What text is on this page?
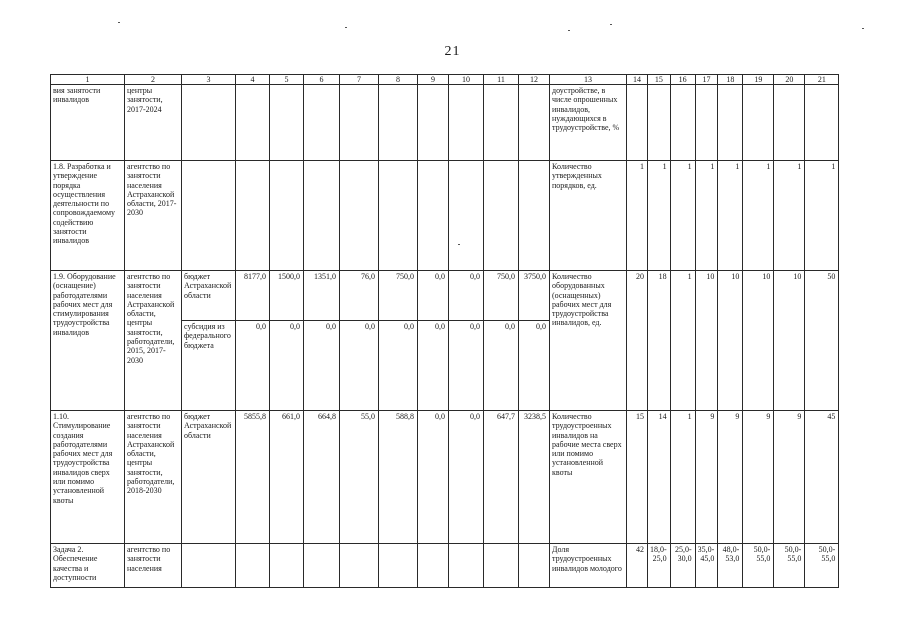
21
1	2	3	4	5	6	7	8	9	10	11	12	13	14	15	16	17	18	19	20	21
вия занятости инвалидов	центры занятости, 2017-2024											доустройстве, в числе опрошенных инвалидов, нуждающихся в трудоустройстве, %								
1.8. Разработка и утверждение порядка осуществления деятельности по сопровождаемому содействию занятости инвалидов	агентство по занятости населения Астраханской области, 2017-2030											Количество утвержденных порядков, ед.	1	1	1	1	1	1	1	1
1.9. Оборудование (оснащение) работодателями рабочих мест для стимулирования трудоустройства инвалидов	агентство по занятости населения Астраханской области, центры занятости, работодатели, 2015, 2017-2030	бюджет Астраханской области	8177,0	1500,0	1351,0	76,0	750,0	0,0	0,0	750,0	3750,0	Количество оборудованных (оснащенных) рабочих мест для трудоустройства инвалидов, ед.	20	18	1	10	10	10	10	50
		субсидия из федерального бюджета	0,0	0,0	0,0	0,0	0,0	0,0	0,0	0,0	0,0									
1.10. Стимулирование создания работодателями рабочих мест для трудоустройства инвалидов сверх или помимо установленной квоты	агентство по занятости населения Астраханской области, центры занятости, работодатели, 2018-2030	бюджет Астраханской области	5855,8	661,0	664,8	55,0	588,8	0,0	0,0	647,7	3238,5	Количество трудоустроенных инвалидов на рабочие места сверх или помимо установленной квоты	15	14	1	9	9	9	9	45
Задача 2. Обеспечение качества и доступности	агентство по занятости населения											Доля трудоустроенных инвалидов молодого	42	18,0-25,0	25,0-30,0	35,0-45,0	48,0-53,0	50,0-55,0	50,0-55,0	50,0-55,0
